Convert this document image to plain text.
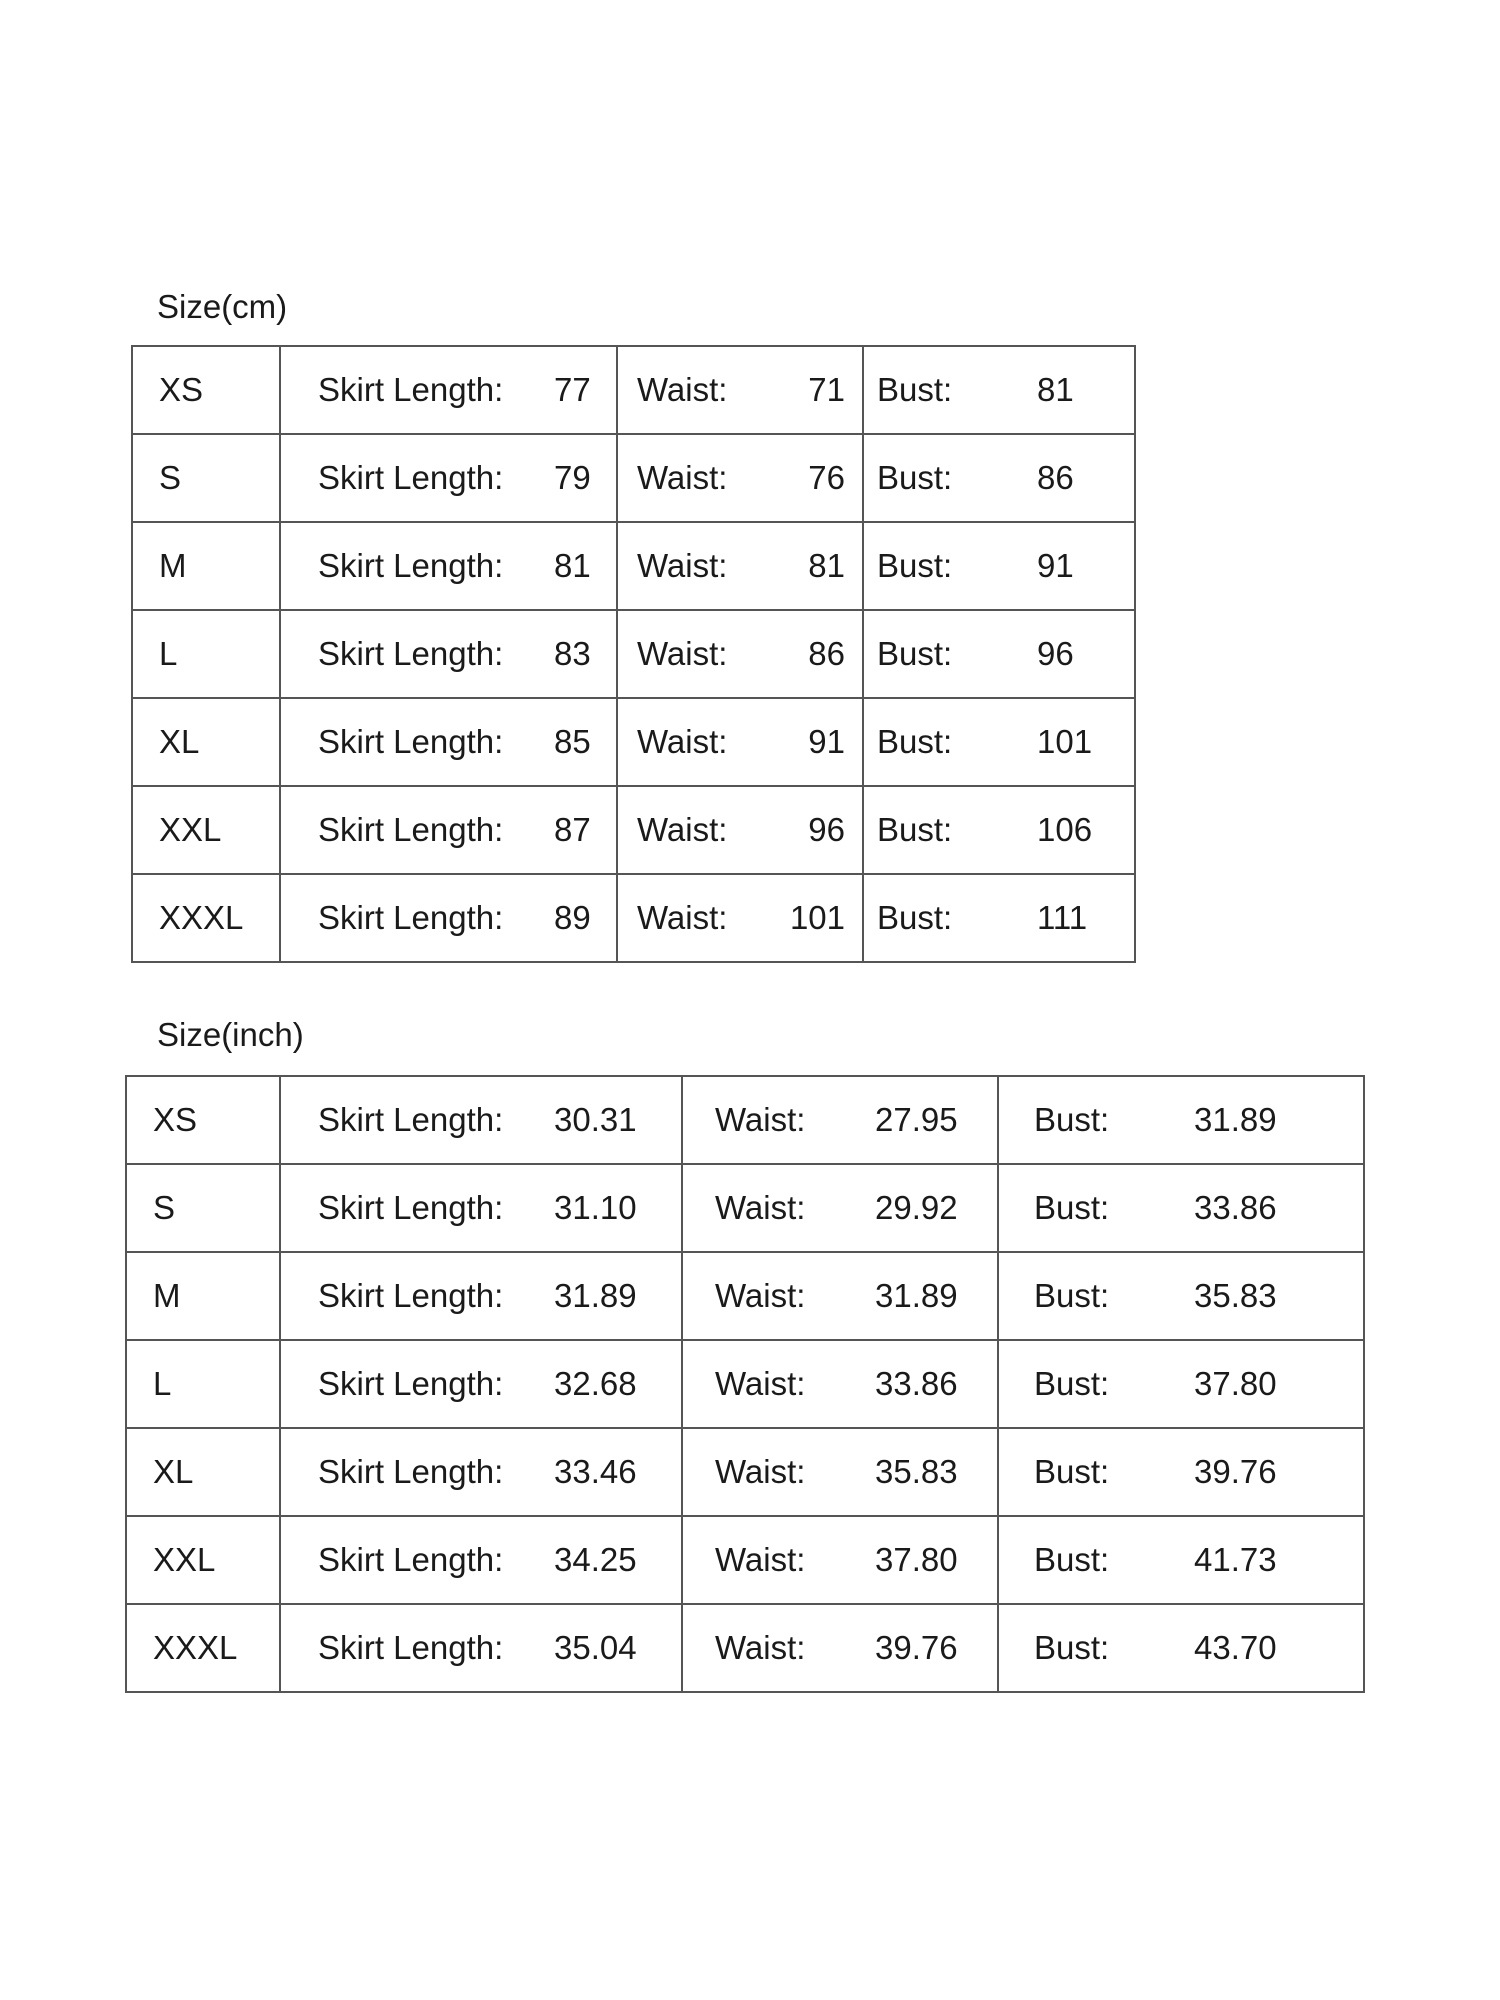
Size(cm)
XS	Skirt Length: 77	Waist: 71	Bust: 81

S	Skirt Length: 79	Waist: 76	Bust: 86

M	Skirt Length: 81	Waist: 81	Bust: 91

L	Skirt Length: 83	Waist: 86	Bust: 96

XL	Skirt Length: 85	Waist: 91	Bust: 101

XXL	Skirt Length: 87	Waist: 96	Bust: 106

XXXL	Skirt Length: 89	Waist: 101	Bust: 111
Size(inch)
XS	Skirt Length: 30.31	Waist: 27.95	Bust: 31.89

S	Skirt Length: 31.10	Waist: 29.92	Bust: 33.86

M	Skirt Length: 31.89	Waist: 31.89	Bust: 35.83

L	Skirt Length: 32.68	Waist: 33.86	Bust: 37.80

XL	Skirt Length: 33.46	Waist: 35.83	Bust: 39.76

XXL	Skirt Length: 34.25	Waist: 37.80	Bust: 41.73

XXXL	Skirt Length: 35.04	Waist: 39.76	Bust: 43.70
